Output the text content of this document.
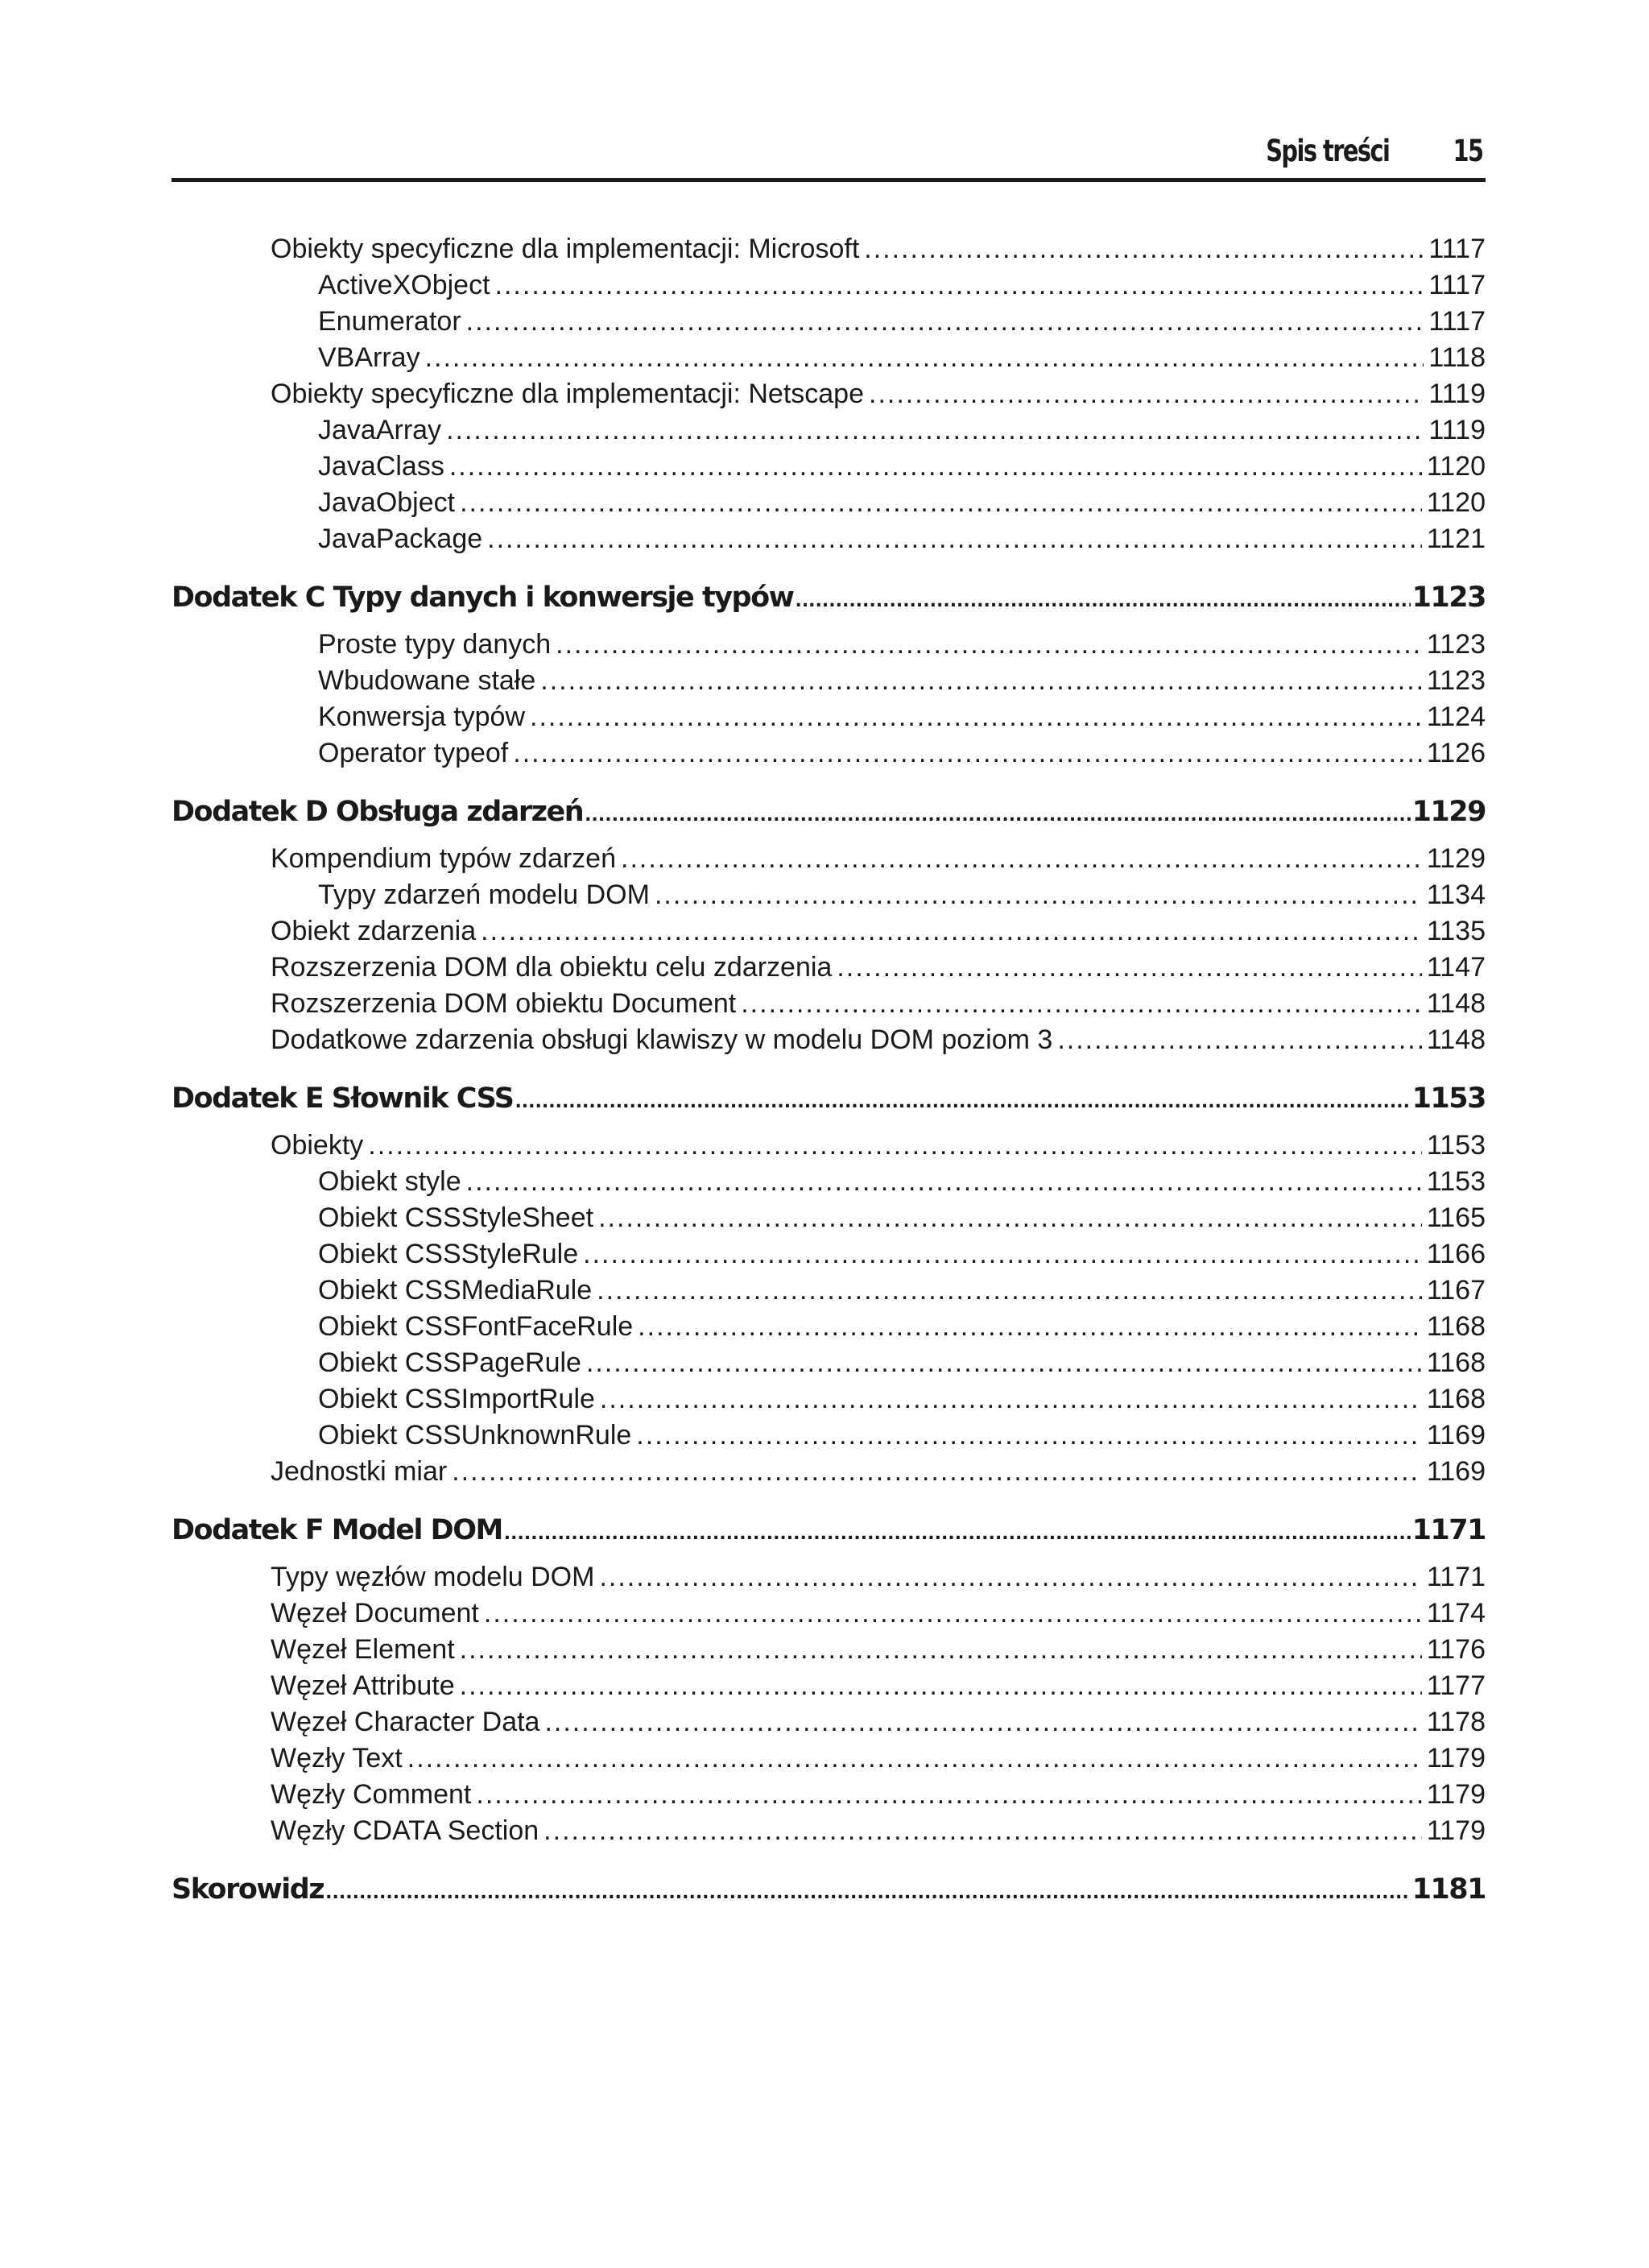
Spis treści 15
Obiekty specyficzne dla implementacji: Microsoft .....	1117
ActiveXObject .....	1117
Enumerator .....	1117
VBArray .....	1118
Obiekty specyficzne dla implementacji: Netscape .....	1119
JavaArray .....	1119
JavaClass .....	1120
JavaObject .....	1120
JavaPackage .....	1121
Dodatek C Typy danych i konwersje typów .....	1123
Proste typy danych .....	1123
Wbudowane stałe .....	1123
Konwersja typów .....	1124
Operator typeof .....	1126
Dodatek D Obsługa zdarzeń .....	1129
Kompendium typów zdarzeń .....	1129
Typy zdarzeń modelu DOM .....	1134
Obiekt zdarzenia .....	1135
Rozszerzenia DOM dla obiektu celu zdarzenia .....	1147
Rozszerzenia DOM obiektu Document .....	1148
Dodatkowe zdarzenia obsługi klawiszy w modelu DOM poziom 3 .....	1148
Dodatek E Słownik CSS .....	1153
Obiekty .....	1153
Obiekt style .....	1153
Obiekt CSSStyleSheet .....	1165
Obiekt CSSStyleRule .....	1166
Obiekt CSSMediaRule .....	1167
Obiekt CSSFontFaceRule .....	1168
Obiekt CSSPageRule .....	1168
Obiekt CSSImportRule .....	1168
Obiekt CSSUnknownRule .....	1169
Jednostki miar .....	1169
Dodatek F Model DOM .....	1171
Typy węzłów modelu DOM .....	1171
Węzeł Document .....	1174
Węzeł Element .....	1176
Węzeł Attribute .....	1177
Węzeł Character Data .....	1178
Węzły Text .....	1179
Węzły Comment .....	1179
Węzły CDATA Section .....	1179
Skorowidz .....	1181
